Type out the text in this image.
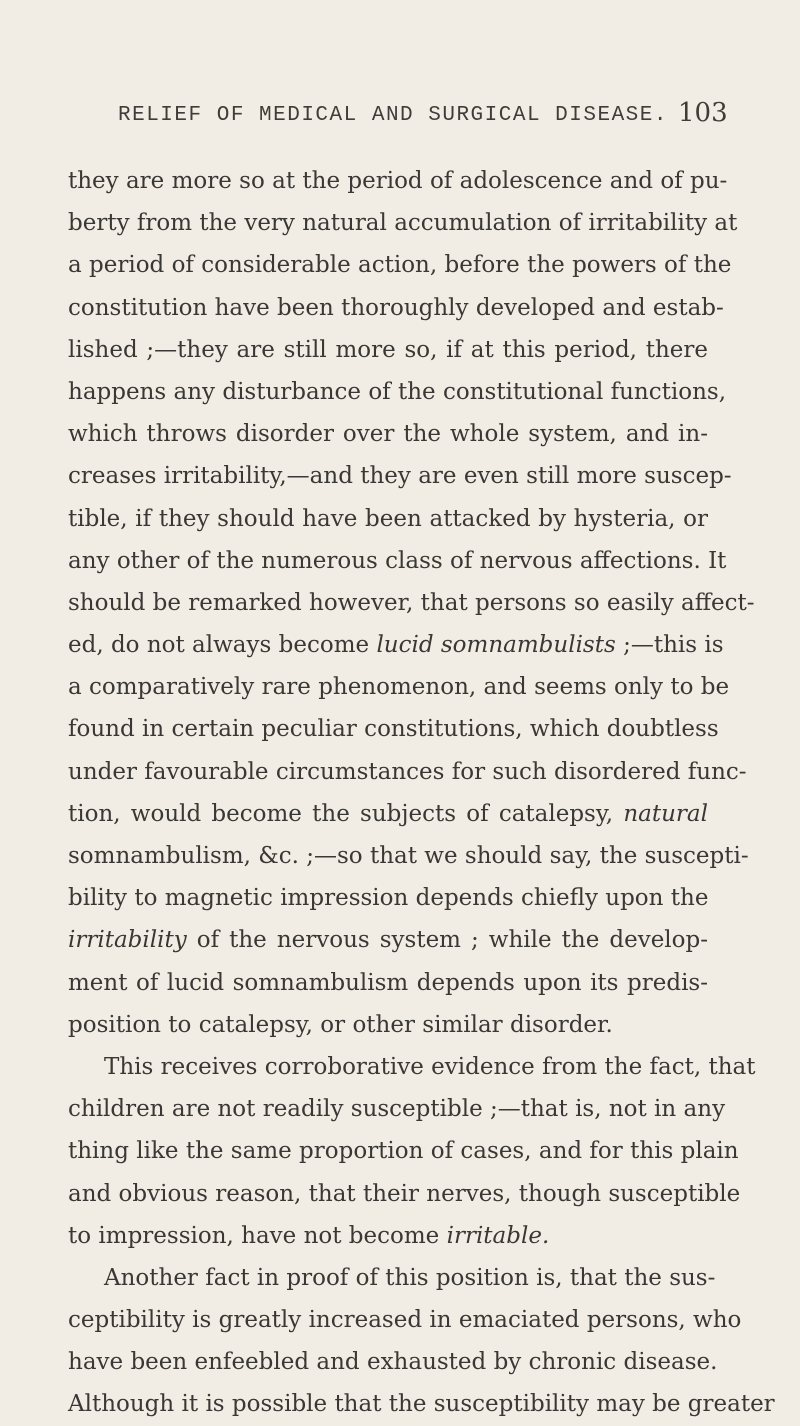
RELIEF OF MEDICAL AND SURGICAL DISEASE. 103
they are more so at the period of adolescence and of pu-
berty from the very natural accumulation of irritability at
a period of considerable action, before the powers of the
constitution have been thoroughly developed and estab-
lished ;—they are still more so, if at this period, there
happens any disturbance of the constitutional functions,
which throws disorder over the whole system, and in-
creases irritability,—and they are even still more suscep-
tible, if they should have been attacked by hysteria, or
any other of the numerous class of nervous affections. It
should be remarked however, that persons so easily affect-
ed, do not always become lucid somnambulists ;—this is
a comparatively rare phenomenon, and seems only to be
found in certain peculiar constitutions, which doubtless
under favourable circumstances for such disordered func-
tion, would become the subjects of catalepsy, natural
somnambulism, &c. ;—so that we should say, the suscepti-
bility to magnetic impression depends chiefly upon the
irritability of the nervous system ; while the develop-
ment of lucid somnambulism depends upon its predis-
position to catalepsy, or other similar disorder.
This receives corroborative evidence from the fact, that
children are not readily susceptible ;—that is, not in any
thing like the same proportion of cases, and for this plain
and obvious reason, that their nerves, though susceptible
to impression, have not become irritable.
Another fact in proof of this position is, that the sus-
ceptibility is greatly increased in emaciated persons, who
have been enfeebled and exhausted by chronic disease.
Although it is possible that the susceptibility may be greater
